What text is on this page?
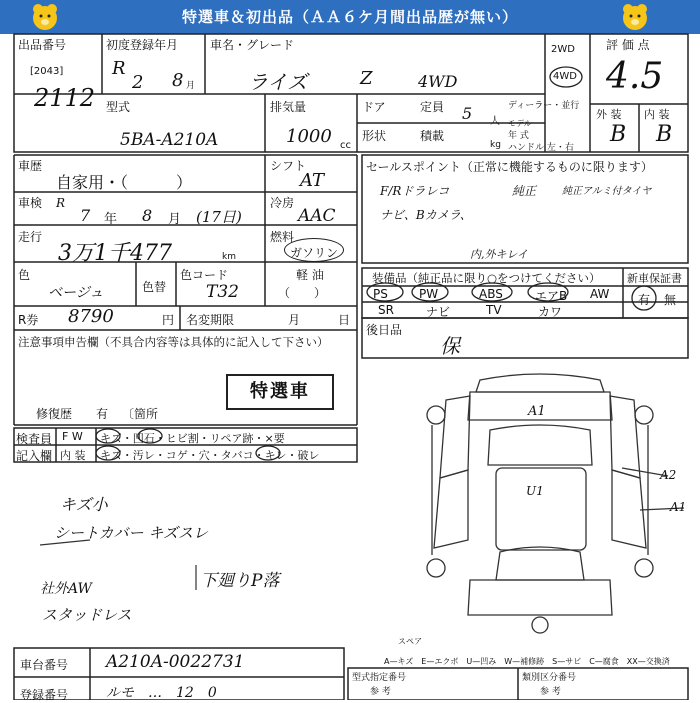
特選車＆初出品（ＡＡ６ケ月間出品歴が無い）
出品番号
[2043]
2112
初度登録年月
R
2 8 月
車名・グレード
ライズ	Z	4WD
型式
5BA-A210A
排気量
1000 cc
2WD
4WD
評 価 点
4.5
外 装 内 装
B B
ドア	定員 5 人
ディーラー・並行
モデル
年 式
形状	積載
kg ハンドル 左・右
車歴
自家用・（　　　）
シフト
AT
車検 R
7 年 8 月 (17日)
冷房
AAC
走行
3万1千477	km
燃料
ガソリン
軽 油
（　　）
色
ベージュ	色替
色コード
T32
R券 8790	円 名変期限	月	日
注意事項申告欄（不具合内容等は具体的に記入して下さい）
特選車
修復歴 有 〔箇所
セールスポイント（正常に機能するものに限ります）
F/Rドラレコ	純正	純正アルミ付タイヤ
ナビ、Bカメラ、
内,外キレイ
装備品（純正品に限り○をつけてください） 新車保証書
PS	PW	ABS	エアB AW
SR	ナビ	TV	カワ
有 無
後日品
保
検査員
記入欄
F W
内 装
キズ・凹石・ヒビ割・リペア跡・×要
キズ・汚レ・コゲ・穴・タバコ・キレ・破レ
キズ小
シートカバー キズスレ
社外AW
スタッドレス
下廻りP落
A1
U1
A2
A1
スペア
A—キズ　E—エクボ　U—凹み　W—補修跡　S—サビ　C—腐食　XX—交換済
車台番号 A210A-0022731
登録番号	ルモ　…　12　0
型式指定番号
参 考
類別区分番号
参 考
